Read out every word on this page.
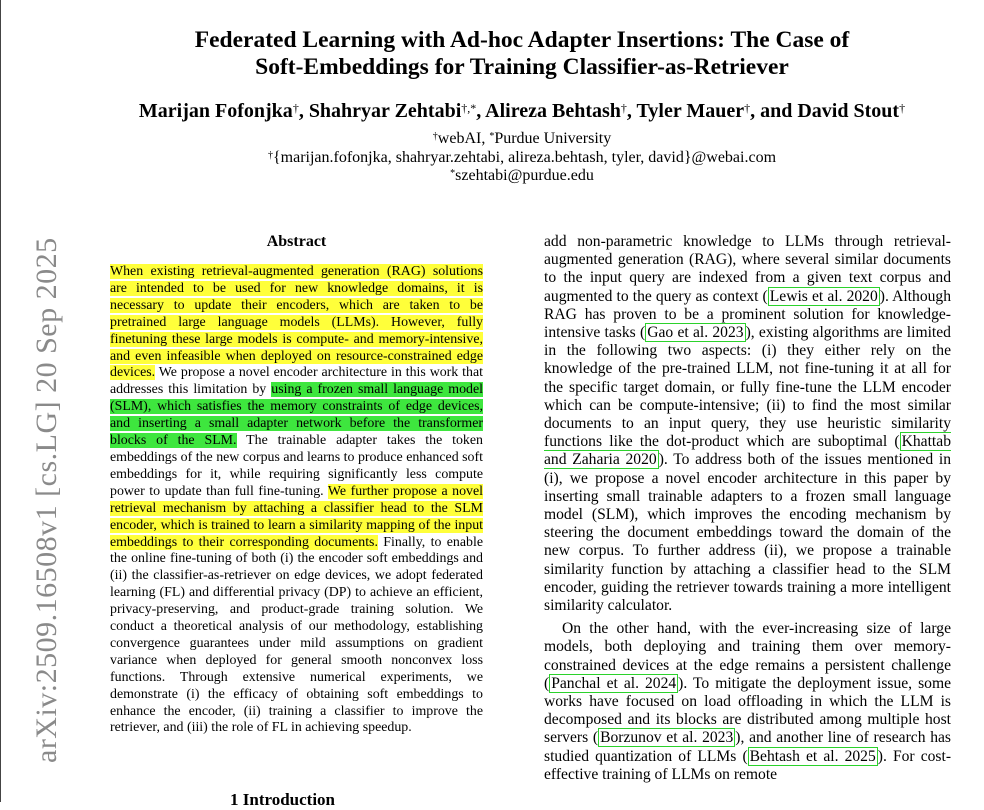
arXiv:2509.16508v1 [cs.LG] 20 Sep 2025
Federated Learning with Ad-hoc Adapter Insertions: The Case of
Soft-Embeddings for Training Classifier-as-Retriever
Marijan Fofonjka†, Shahryar Zehtabi†,*, Alireza Behtash†, Tyler Mauer†, and David Stout†
†webAI, *Purdue University
†{marijan.fofonjka, shahryar.zehtabi, alireza.behtash, tyler, david}@webai.com
*szehtabi@purdue.edu
Abstract
When existing retrieval-augmented generation (RAG) solutions are intended to be used for new knowledge domains, it is necessary to update their encoders, which are taken to be pretrained large language models (LLMs). However, fully finetuning these large models is compute- and memory-intensive, and even infeasible when deployed on resource-constrained edge devices. We propose a novel encoder architecture in this work that addresses this limitation by using a frozen small language model (SLM), which satisfies the memory constraints of edge devices, and inserting a small adapter network before the transformer blocks of the SLM. The trainable adapter takes the token embeddings of the new corpus and learns to produce enhanced soft embeddings for it, while requiring significantly less compute power to update than full fine-tuning. We further propose a novel retrieval mechanism by attaching a classifier head to the SLM encoder, which is trained to learn a similarity mapping of the input embeddings to their corresponding documents. Finally, to enable the online fine-tuning of both (i) the encoder soft embeddings and (ii) the classifier-as-retriever on edge devices, we adopt federated learning (FL) and differential privacy (DP) to achieve an efficient, privacy-preserving, and product-grade training solution. We conduct a theoretical analysis of our methodology, establishing convergence guarantees under mild assumptions on gradient variance when deployed for general smooth nonconvex loss functions. Through extensive numerical experiments, we demonstrate (i) the efficacy of obtaining soft embeddings to enhance the encoder, (ii) training a classifier to improve the retriever, and (iii) the role of FL in achieving speedup.
1 Introduction

add non-parametric knowledge to LLMs through retrieval-augmented generation (RAG), where several similar documents to the input query are indexed from a given text corpus and augmented to the query as context ( Lewis et al. 2020 ). Although RAG has proven to be a prominent solution for knowledge-intensive tasks ( Gao et al. 2023 ), existing algorithms are limited in the following two aspects: (i) they either rely on the knowledge of the pre-trained LLM, not fine-tuning it at all for the specific target domain, or fully fine-tune the LLM encoder which can be compute-intensive; (ii) to find the most similar documents to an input query, they use heuristic similarity functions like the dot-product which are suboptimal ( Khattab and Zaharia 2020 ). To address both of the issues mentioned in (i), we propose a novel encoder architecture in this paper by inserting small trainable adapters to a frozen small language model (SLM), which improves the encoding mechanism by steering the document embeddings toward the domain of the new corpus. To further address (ii), we propose a trainable similarity function by attaching a classifier head to the SLM encoder, guiding the retriever towards training a more intelligent similarity calculator.

On the other hand, with the ever-increasing size of large models, both deploying and training them over memory-constrained devices at the edge remains a persistent challenge ( Panchal et al. 2024 ). To mitigate the deployment issue, some works have focused on load offloading in which the LLM is decomposed and its blocks are distributed among multiple host servers ( Borzunov et al. 2023 ), and another line of research has studied quantization of LLMs ( Behtash et al. 2025 ). For cost-effective training of LLMs on remote
